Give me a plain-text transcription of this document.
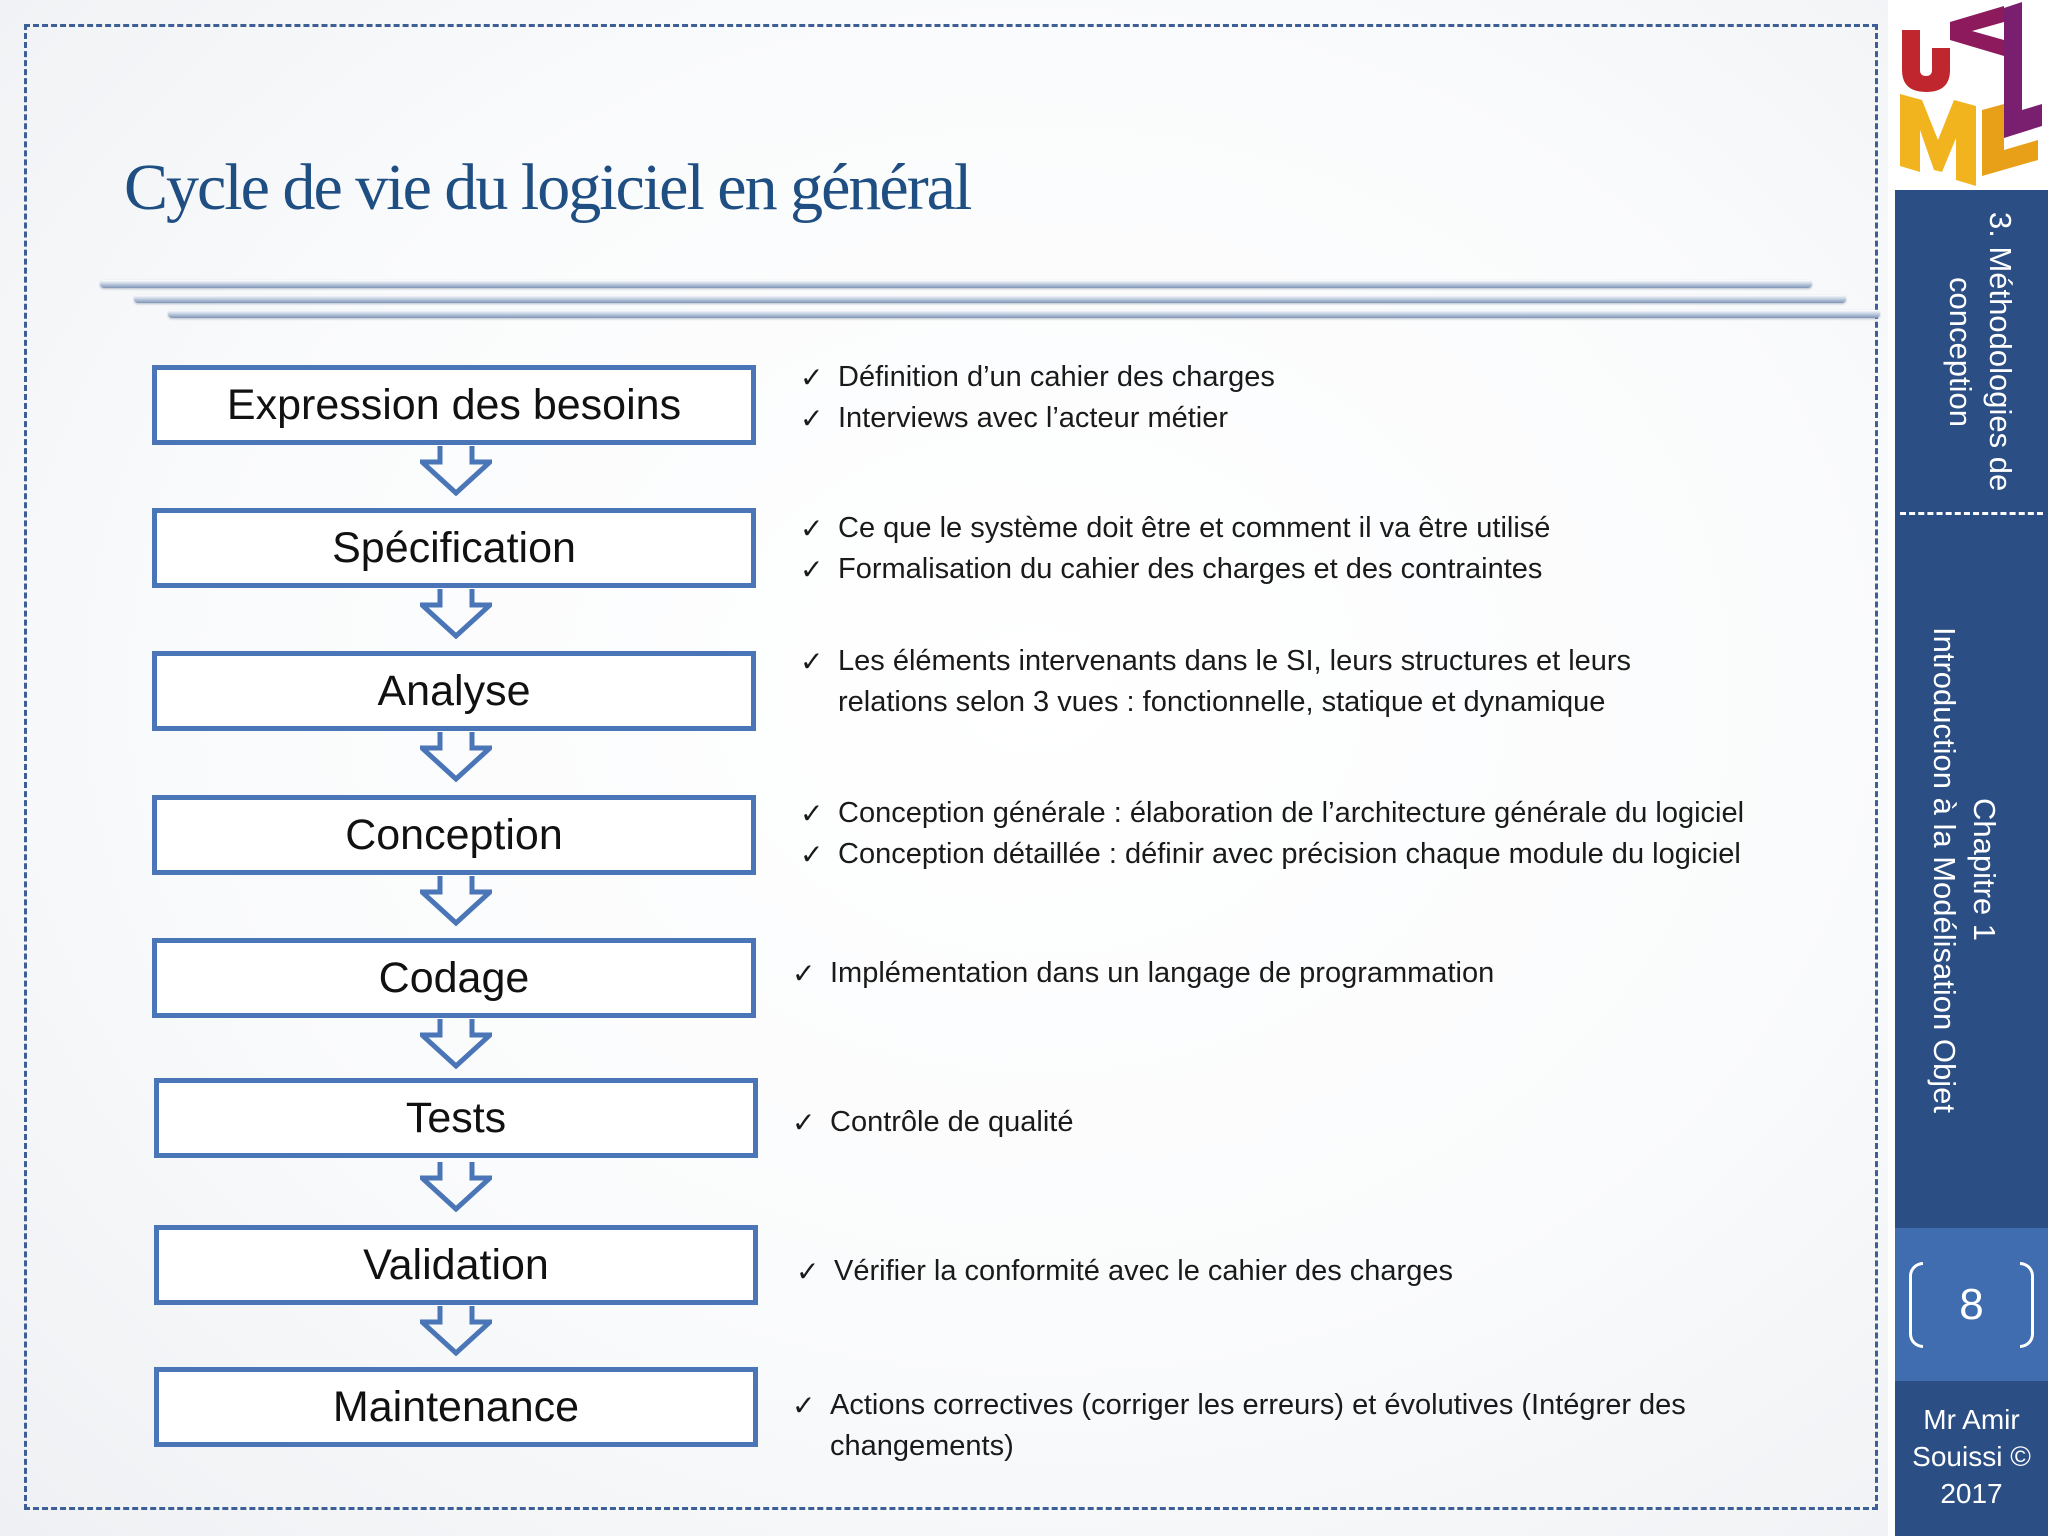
Cycle de vie du logiciel en général
Expression des besoins
Spécification
Analyse
Conception
Codage
Tests
Validation
Maintenance
✓ Définition d’un cahier des charges
✓ Interviews avec l’acteur métier
✓ Ce que le système doit être et comment il va être utilisé
✓ Formalisation du cahier des charges et des contraintes
✓ Les éléments intervenants dans le SI, leurs structures et leurs relations selon 3 vues : fonctionnelle, statique et dynamique
✓ Conception générale : élaboration de l’architecture générale du logiciel
✓ Conception détaillée : définir avec précision chaque module du logiciel
✓ Implémentation dans un langage de programmation
✓ Contrôle de qualité
✓ Vérifier la conformité avec le cahier des charges
✓ Actions correctives (corriger les erreurs) et évolutives (Intégrer des changements)
3. Méthodologies de conception
Chapitre 1
Introduction à la Modélisation Objet
8
Mr Amir Souissi © 2017
